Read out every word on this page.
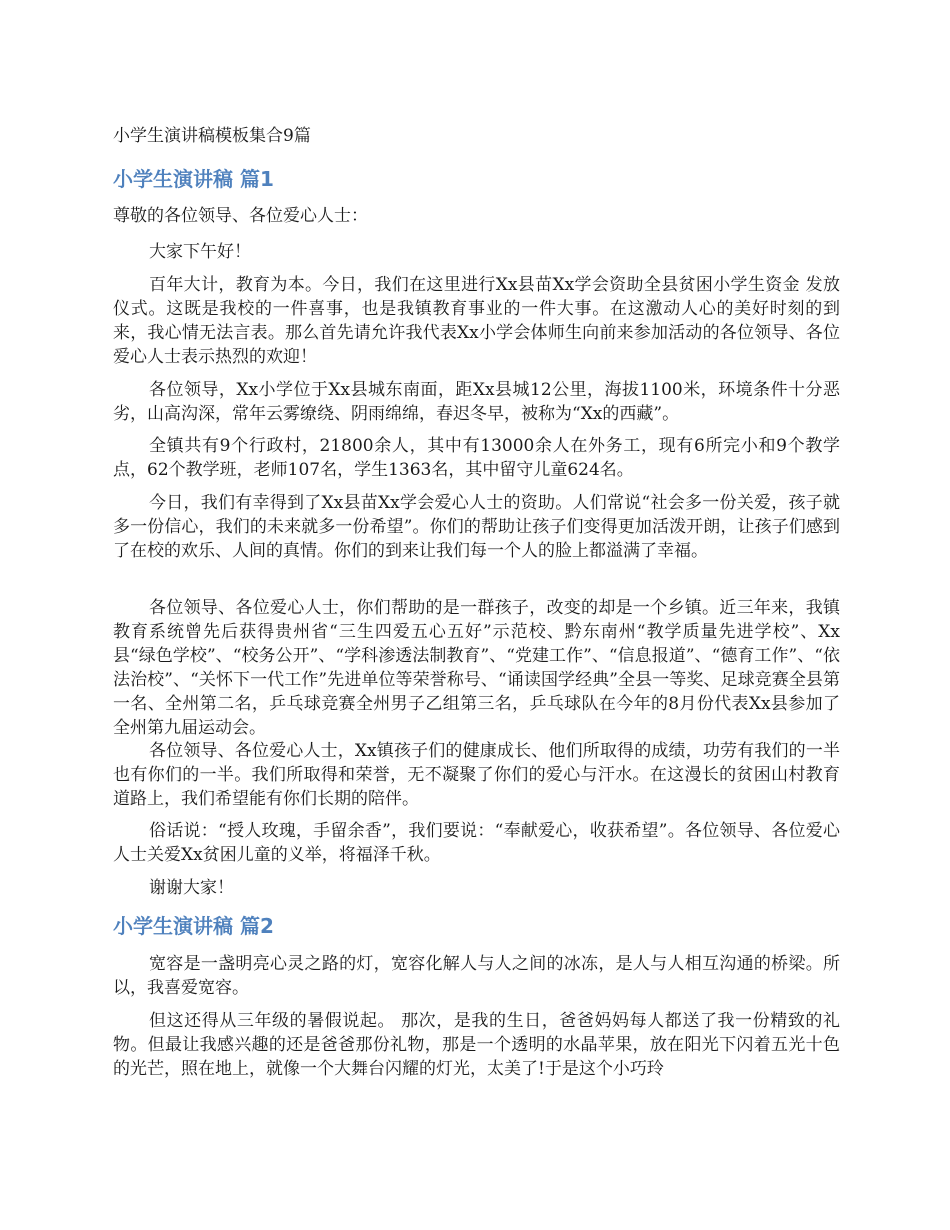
小学生演讲稿模板集合9篇
小学生演讲稿 篇1

尊敬的各位领导、各位爱心人士：

大家下午好！

百年大计，教育为本。今日，我们在这里进行Xx县苗Xx学会资助全县贫困小学生资金 发放仪式。这既是我校的一件喜事，也是我镇教育事业的一件大事。在这激动人心的美好时刻的到来，我心情无法言表。那么首先请允许我代表Xx小学会体师生向前来参加活动的各位领导、各位爱心人士表示热烈的欢迎！

各位领导，Xx小学位于Xx县城东南面，距Xx县城12公里，海拔1100米，环境条件十分恶劣，山高沟深，常年云雾缭绕、阴雨绵绵，春迟冬早，被称为“Xx的西藏”。

全镇共有9个行政村，21800余人，其中有13000余人在外务工，现有6所完小和9个教学点，62个教学班，老师107名，学生1363名，其中留守儿童624名。

今日，我们有幸得到了Xx县苗Xx学会爱心人士的资助。人们常说“社会多一份关爱，孩子就多一份信心，我们的未来就多一份希望”。你们的帮助让孩子们变得更加活泼开朗，让孩子们感到了在校的欢乐、人间的真情。你们的到来让我们每一个人的脸上都溢满了幸福。

各位领导、各位爱心人士，你们帮助的是一群孩子，改变的却是一个乡镇。近三年来，我镇教育系统曾先后获得贵州省“三生四爱五心五好”示范校、黔东南州“教学质量先进学校”、Xx县“绿色学校”、“校务公开”、“学科渗透法制教育”、“党建工作”、“信息报道”、“德育工作”、“依法治校”、“关怀下一代工作”先进单位等荣誉称号、“诵读国学经典”全县一等奖、足球竞赛全县第一名、全州第二名，乒乓球竞赛全州男子乙组第三名，乒乓球队在今年的8月份代表Xx县参加了全州第九届运动会。

各位领导、各位爱心人士，Xx镇孩子们的健康成长、他们所取得的成绩，功劳有我们的一半也有你们的一半。我们所取得和荣誉，无不凝聚了你们的爱心与汗水。在这漫长的贫困山村教育道路上，我们希望能有你们长期的陪伴。

俗话说：“授人玫瑰，手留余香”，我们要说：“奉献爱心，收获希望”。各位领导、各位爱心人士关爱Xx贫困儿童的义举，将福泽千秋。

谢谢大家！

小学生演讲稿 篇2

宽容是一盏明亮心灵之路的灯，宽容化解人与人之间的冰冻，是人与人相互沟通的桥梁。所以，我喜爱宽容。

但这还得从三年级的暑假说起。 那次，是我的生日，爸爸妈妈每人都送了我一份精致的礼物。但最让我感兴趣的还是爸爸那份礼物，那是一个透明的水晶苹果，放在阳光下闪着五光十色的光芒，照在地上，就像一个大舞台闪耀的灯光，太美了!于是这个小巧玲
